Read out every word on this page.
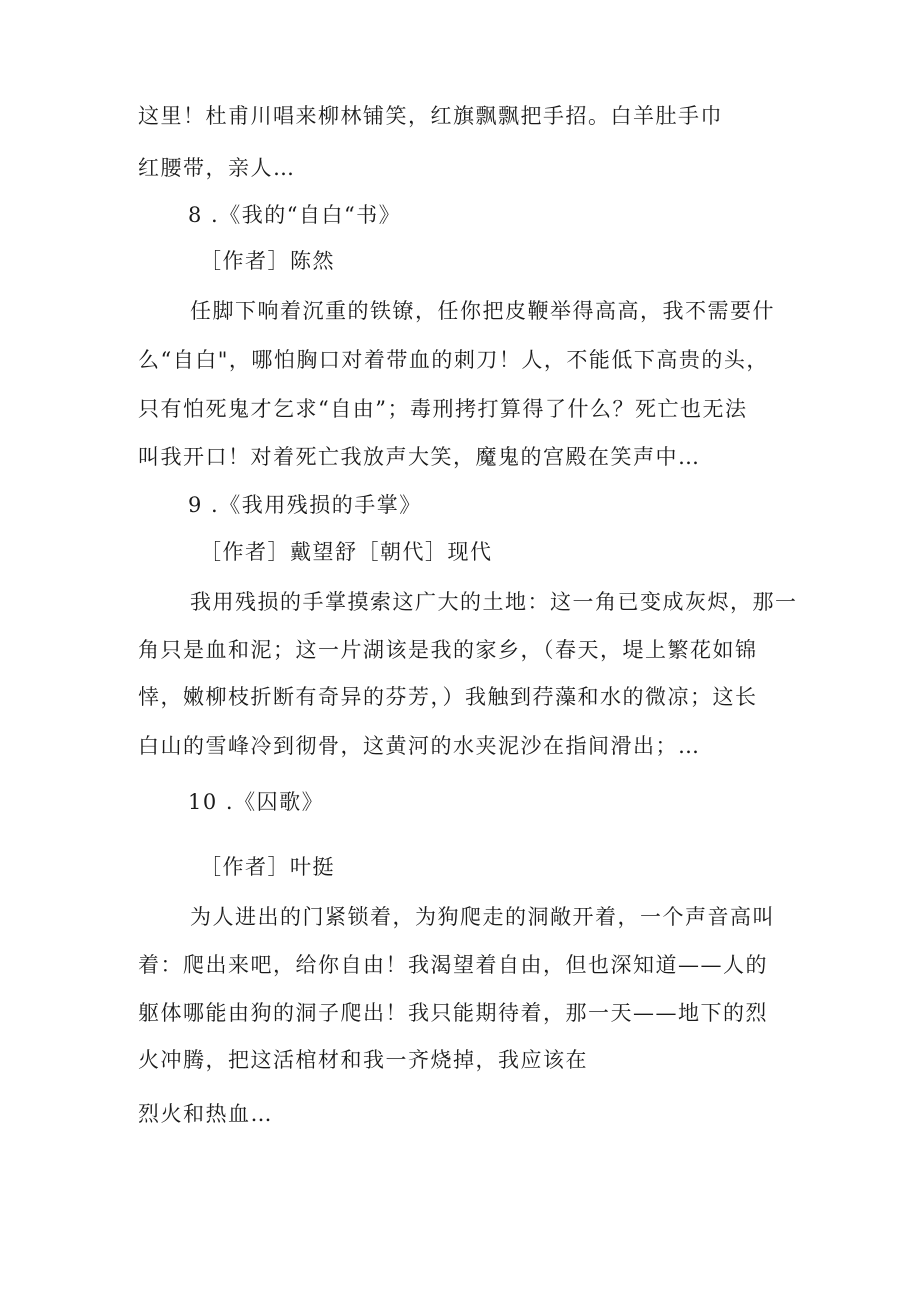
这里！杜甫川唱来柳林铺笑，红旗飘飘把手招。白羊肚手巾
红腰带，亲人…
8 .《我的“自白“书》
［作者］陈然
任脚下响着沉重的铁镣，任你把皮鞭举得高高，我不需要什
么“自白"，哪怕胸口对着带血的刺刀！人，不能低下高贵的头，
只有怕死鬼才乞求“自由”；毒刑拷打算得了什么？死亡也无法
叫我开口！对着死亡我放声大笑，魔鬼的宫殿在笑声中…
9 .《我用残损的手掌》
［作者］戴望舒［朝代］现代
我用残损的手掌摸索这广大的土地：这一角已变成灰烬，那一
角只是血和泥；这一片湖该是我的家乡，（春天，堤上繁花如锦
悻，嫩柳枝折断有奇异的芬芳，）我触到荇藻和水的微凉；这长
白山的雪峰冷到彻骨，这黄河的水夹泥沙在指间滑出；…
10 .《囚歌》
［作者］叶挺
为人进出的门紧锁着，为狗爬走的洞敞开着，一个声音高叫
着：爬出来吧，给你自由！我渴望着自由，但也深知道——人的
躯体哪能由狗的洞子爬出！我只能期待着，那一天——地下的烈
火冲腾，把这活棺材和我一齐烧掉，我应该在
烈火和热血…
